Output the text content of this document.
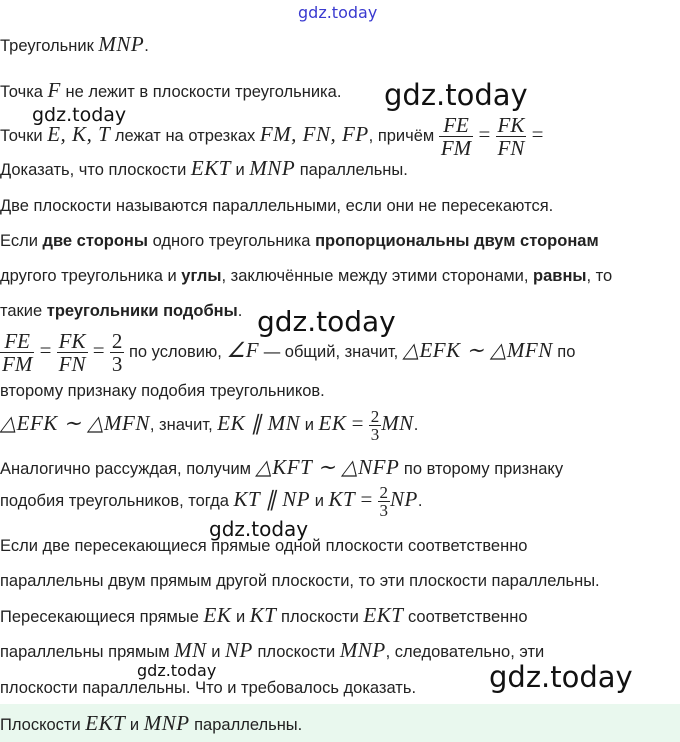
gdz.today
Треугольник MNP.
Точка F не лежит в плоскости треугольника. gdz.today
gdz.today
Точки E, K, T лежат на отрезках FM, FN, FP, причём $\frac{FE}{FM} = \frac{FK}{FN}$ =
Доказать, что плоскости EKT и MNP параллельны.
Две плоскости называются параллельными, если они не пересекаются.
Если две стороны одного треугольника пропорциональны двум сторонам
другого треугольника и углы, заключённые между этими сторонами, равны, то
такие треугольники подобны. gdz.today
$\frac{FE}{FM} = \frac{FK}{FN} = \frac{2}{3}$ по условию, ∠F — общий, значит, △EFK ∼ △MFN по
второму признаку подобия треугольников.
△EFK ∼ △MFN, значит, EK ∥ MN и EK = $\frac{2}{3}$ MN.
Аналогично рассуждая, получим △KFT ∼ △NFP по второму признаку
подобия треугольников, тогда KT ∥ NP и KT = $\frac{2}{3}$ NP.
gdz.today
Если две пересекающиеся прямые одной плоскости соответственно
параллельны двум прямым другой плоскости, то эти плоскости параллельны.
Пересекающиеся прямые EK и KT плоскости EKT соответственно
параллельны прямым MN и NP плоскости MNP, следовательно, эти
gdz.today
плоскости параллельны. Что и требовалось доказать.	gdz.today
Плоскости EKT и MNP параллельны.
